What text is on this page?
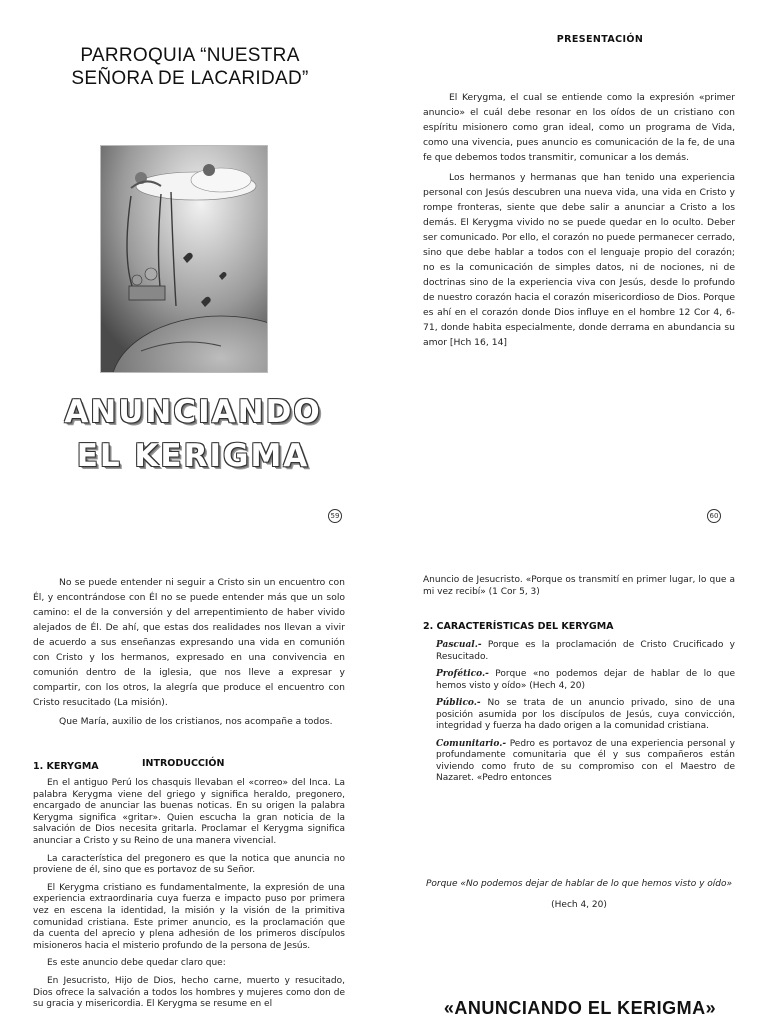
PARROQUIA “NUESTRA SEÑORA DE LACARIDAD”
ANUNCIANDO
EL KERIGMA
59
PRESENTACIÓN

El Kerygma, el cual se entiende como la expresión «primer anuncio» el cuál debe resonar en los oídos de un cristiano con espíritu misionero como gran ideal, como un programa de Vida, como una vivencia, pues anuncio es comunicación de la fe, de una fe que debemos todos transmitir, comunicar a los demás.

Los hermanos y hermanas que han tenido una experiencia personal con Jesús descubren una nueva vida, una vida en Cristo y rompe fronteras, siente que debe salir a anunciar a Cristo a los demás. El Kerygma vivido no se puede quedar en lo oculto. Deber ser comunicado. Por ello, el corazón no puede permanecer cerrado, sino que debe hablar a todos con el lenguaje propio del corazón; no es la comunicación de simples datos, ni de nociones, ni de doctrinas sino de la experiencia viva con Jesús, desde lo profundo de nuestro corazón hacia el corazón misericordioso de Dios. Porque es ahí en el corazón donde Dios influye en el hombre 12 Cor 4, 6-71, donde habita especialmente, donde derrama en abundancia su amor [Hch 16, 14]

60

No se puede entender ni seguir a Cristo sin un encuentro con Él, y encontrándose con Él no se puede entender más que un solo camino: el de la conversión y del arrepentimiento de haber vivido alejados de Él. De ahí, que estas dos realidades nos llevan a vivir de acuerdo a sus enseñanzas expresando una vida en comunión con Cristo y los hermanos, expresado en una convivencia en comunión dentro de la iglesia, que nos lleve a expresar y compartir, con los otros, la alegría que produce el encuentro con Cristo resucitado (La misión).

Que María, auxilio de los cristianos, nos acompañe a todos.

1. KERYGMA	INTRODUCCIÓN

En el antiguo Perú los chasquis llevaban el «correo» del Inca. La palabra Kerygma viene del griego y significa heraldo, pregonero, encargado de anunciar las buenas noticas. En su origen la palabra Kerygma significa «gritar». Quien escucha la gran noticia de la salvación de Dios necesita gritarla. Proclamar el Kerygma significa anunciar a Cristo y su Reino de una manera vivencial.

La característica del pregonero es que la notica que anuncia no proviene de él, sino que es portavoz de su Señor.

El Kerygma cristiano es fundamentalmente, la expresión de una experiencia extraordinaria cuya fuerza e impacto puso por primera vez en escena la identidad, la misión y la visión de la primitiva comunidad cristiana. Este primer anuncio, es la proclamación que da cuenta del aprecio y plena adhesión de los primeros discípulos misioneros hacia el misterio profundo de la persona de Jesús.

Es este anuncio debe quedar claro que:

En Jesucristo, Hijo de Dios, hecho carne, muerto y resucitado, Dios ofrece la salvación a todos los hombres y mujeres como don de su gracia y misericordia. El Kerygma se resume en el

Anuncio de Jesucristo. «Porque os transmití en primer lugar, lo que a mi vez recibí» (1 Cor 5, 3)

2. CARACTERÍSTICAS DEL KERYGMA

Pascual.- Porque es la proclamación de Cristo Crucificado y Resucitado.

Profético.- Porque «no podemos dejar de hablar de lo que hemos visto y oído» (Hech 4, 20)

Público.- No se trata de un anuncio privado, sino de una posición asumida por los discípulos de Jesús, cuya convicción, integridad y fuerza ha dado origen a la comunidad cristiana.

Comunitario.- Pedro es portavoz de una experiencia personal y profundamente comunitaria que él y sus compañeros están viviendo como fruto de su compromiso con el Maestro de Nazaret. «Pedro entonces

Porque «No podemos dejar de hablar de lo que hemos visto y oído»
(Hech 4, 20)
«ANUNCIANDO EL KERIGMA»
